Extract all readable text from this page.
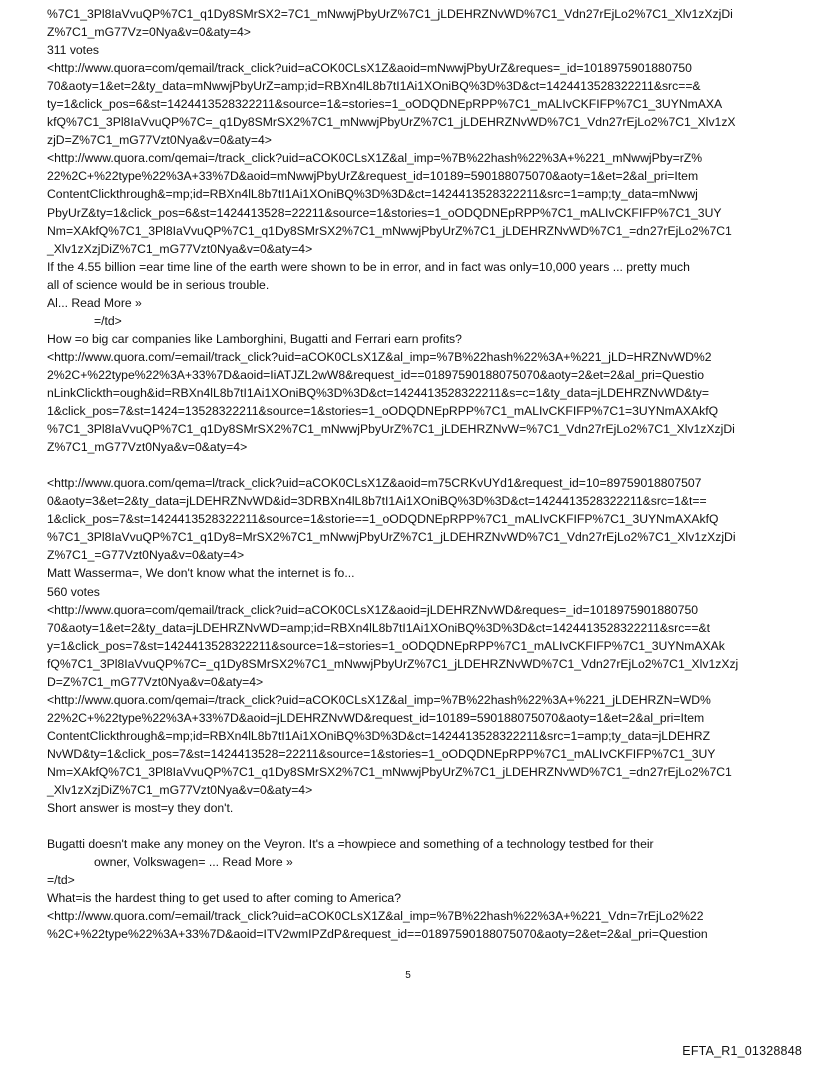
%7C1_3Pl8IaVvuQP%7C1_q1Dy8SMrSX2=7C1_mNwwjPbyUrZ%7C1_jLDEHRZNvWD%7C1_Vdn27rEjLo2%7C1_Xlv1zXzjDi
Z%7C1_mG77Vz=0Nya&v=0&aty=4>
311 votes
<http://www.quora=com/qemail/track_click?uid=aCOK0CLsX1Z&aoid=mNwwjPbyUrZ&reques=_id=1018975901880750
70&aoty=1&et=2&ty_data=mNwwjPbyUrZ=amp;id=RBXn4lL8b7tI1Ai1XOniBQ%3D%3D&ct=1424413528322211&src==&
ty=1&click_pos=6&st=1424413528322211&source=1&=stories=1_oODQDNEpRPP%7C1_mALIvCKFIFP%7C1_3UYNmAXA
kfQ%7C1_3Pl8IaVvuQP%7C=_q1Dy8SMrSX2%7C1_mNwwjPbyUrZ%7C1_jLDEHRZNvWD%7C1_Vdn27rEjLo2%7C1_Xlv1zX
zjD=Z%7C1_mG77Vzt0Nya&v=0&aty=4>
<http://www.quora.com/qemai=/track_click?uid=aCOK0CLsX1Z&al_imp=%7B%22hash%22%3A+%221_mNwwjPby=rZ%
22%2C+%22type%22%3A+33%7D&aoid=mNwwjPbyUrZ&request_id=10189=590188075070&aoty=1&et=2&al_pri=Item
ContentClickthrough&=mp;id=RBXn4lL8b7tI1Ai1XOniBQ%3D%3D&ct=1424413528322211&src=1=amp;ty_data=mNwwj
PbyUrZ&ty=1&click_pos=6&st=1424413528=22211&source=1&stories=1_oODQDNEpRPP%7C1_mALIvCKFIFP%7C1_3UY
Nm=XAkfQ%7C1_3Pl8IaVvuQP%7C1_q1Dy8SMrSX2%7C1_mNwwjPbyUrZ%7C1_jLDEHRZNvWD%7C1_=dn27rEjLo2%7C1
_Xlv1zXzjDiZ%7C1_mG77Vzt0Nya&v=0&aty=4>
If the 4.55 billion =ear time line of the earth were shown to be in error, and in fact was only=10,000 years ... pretty much
all of science would be in serious trouble.
Al... Read More »
=/td>
How =o big car companies like Lamborghini, Bugatti and Ferrari earn profits?
<http://www.quora.com/=email/track_click?uid=aCOK0CLsX1Z&al_imp=%7B%22hash%22%3A+%221_jLD=HRZNvWD%2
2%2C+%22type%22%3A+33%7D&aoid=IiATJZL2wW8&request_id==01897590188075070&aoty=2&et=2&al_pri=Questio
nLinkClickth=ough&id=RBXn4lL8b7tI1Ai1XOniBQ%3D%3D&ct=1424413528322211&s=c=1&ty_data=jLDEHRZNvWD&ty=
1&click_pos=7&st=1424=13528322211&source=1&stories=1_oODQDNEpRPP%7C1_mALIvCKFIFP%7C1=3UYNmAXAkfQ
%7C1_3Pl8IaVvuQP%7C1_q1Dy8SMrSX2%7C1_mNwwjPbyUrZ%7C1_jLDEHRZNvW=%7C1_Vdn27rEjLo2%7C1_Xlv1zXzjDi
Z%7C1_mG77Vzt0Nya&v=0&aty=4>
<http://www.quora.com/qema=l/track_click?uid=aCOK0CLsX1Z&aoid=m75CRKvUYd1&request_id=10=89759018807507
0&aoty=3&et=2&ty_data=jLDEHRZNvWD&id=3DRBXn4lL8b7tI1Ai1XOniBQ%3D%3D&ct=1424413528322211&src=1&t==
1&click_pos=7&st=1424413528322211&source=1&storie==1_oODQDNEpRPP%7C1_mALIvCKFIFP%7C1_3UYNmAXAkfQ
%7C1_3Pl8IaVvuQP%7C1_q1Dy8=MrSX2%7C1_mNwwjPbyUrZ%7C1_jLDEHRZNvWD%7C1_Vdn27rEjLo2%7C1_Xlv1zXzjDi
Z%7C1_=G77Vzt0Nya&v=0&aty=4>
Matt Wasserma=, We don't know what the internet is fo...
560 votes
<http://www.quora=com/qemail/track_click?uid=aCOK0CLsX1Z&aoid=jLDEHRZNvWD&reques=_id=1018975901880750
70&aoty=1&et=2&ty_data=jLDEHRZNvWD=amp;id=RBXn4lL8b7tI1Ai1XOniBQ%3D%3D&ct=1424413528322211&src==&t
y=1&click_pos=7&st=1424413528322211&source=1&=stories=1_oODQDNEpRPP%7C1_mALIvCKFIFP%7C1_3UYNmAXAk
fQ%7C1_3Pl8IaVvuQP%7C=_q1Dy8SMrSX2%7C1_mNwwjPbyUrZ%7C1_jLDEHRZNvWD%7C1_Vdn27rEjLo2%7C1_Xlv1zXzj
D=Z%7C1_mG77Vzt0Nya&v=0&aty=4>
<http://www.quora.com/qemai=/track_click?uid=aCOK0CLsX1Z&al_imp=%7B%22hash%22%3A+%221_jLDEHRZN=WD%
22%2C+%22type%22%3A+33%7D&aoid=jLDEHRZNvWD&request_id=10189=590188075070&aoty=1&et=2&al_pri=Item
ContentClickthrough&=mp;id=RBXn4lL8b7tI1Ai1XOniBQ%3D%3D&ct=1424413528322211&src=1=amp;ty_data=jLDEHRZ
NvWD&ty=1&click_pos=7&st=1424413528=22211&source=1&stories=1_oODQDNEpRPP%7C1_mALIvCKFIFP%7C1_3UY
Nm=XAkfQ%7C1_3Pl8IaVvuQP%7C1_q1Dy8SMrSX2%7C1_mNwwjPbyUrZ%7C1_jLDEHRZNvWD%7C1_=dn27rEjLo2%7C1
_Xlv1zXzjDiZ%7C1_mG77Vzt0Nya&v=0&aty=4>
Short answer is most=y they don't.
Bugatti doesn't make any money on the Veyron. It's a =howpiece and something of a technology testbed for their
owner, Volkswagen= ... Read More »
=/td>
What=is the hardest thing to get used to after coming to America?
<http://www.quora.com/=email/track_click?uid=aCOK0CLsX1Z&al_imp=%7B%22hash%22%3A+%221_Vdn=7rEjLo2%22
%2C+%22type%22%3A+33%7D&aoid=ITV2wmIPZdP&request_id==01897590188075070&aoty=2&et=2&al_pri=Question
5
EFTA_R1_01328848
